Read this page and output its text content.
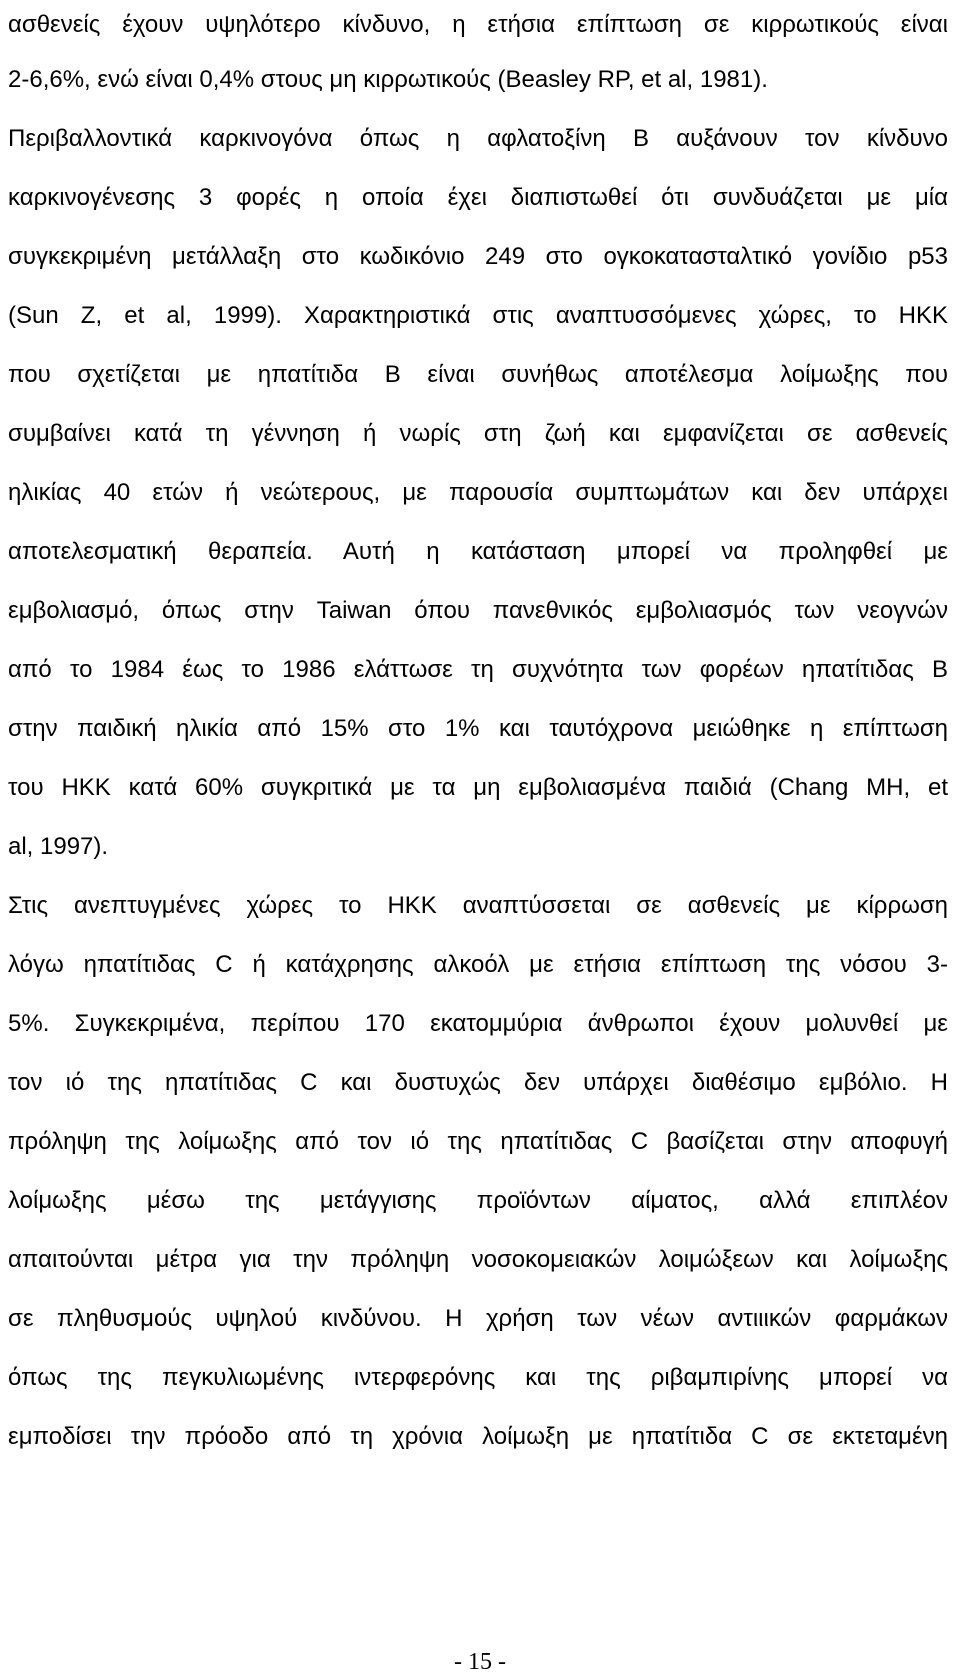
ασθενείς έχουν υψηλότερο κίνδυνο, η ετήσια επίπτωση σε κιρρωτικούς είναι
2-6,6%, ενώ είναι 0,4% στους μη κιρρωτικούς (Beasley RP, et al, 1981).
Περιβαλλοντικά καρκινογόνα όπως η αφλατοξίνη Β αυξάνουν τον κίνδυνο
καρκινογένεσης 3 φορές η οποία έχει διαπιστωθεί ότι συνδυάζεται με μία
συγκεκριμένη μετάλλαξη στο κωδικόνιο 249 στο ογκοκατασταλτικό γονίδιο p53
(Sun Z, et al, 1999). Χαρακτηριστικά στις αναπτυσσόμενες χώρες, το ΗΚΚ
που σχετίζεται με ηπατίτιδα Β είναι συνήθως αποτέλεσμα λοίμωξης που
συμβαίνει κατά τη γέννηση ή νωρίς στη ζωή και εμφανίζεται σε ασθενείς
ηλικίας 40 ετών ή νεώτερους, με παρουσία συμπτωμάτων και δεν υπάρχει
αποτελεσματική θεραπεία. Αυτή η κατάσταση μπορεί να προληφθεί με
εμβολιασμό, όπως στην Taiwan όπου πανεθνικός εμβολιασμός των νεογνών
από το 1984 έως το 1986 ελάττωσε τη συχνότητα των φορέων ηπατίτιδας Β
στην παιδική ηλικία από 15% στο 1% και ταυτόχρονα μειώθηκε η επίπτωση
του ΗΚΚ κατά 60% συγκριτικά με τα μη εμβολιασμένα παιδιά (Chang MH, et
al, 1997).
Στις ανεπτυγμένες χώρες το ΗΚΚ αναπτύσσεται σε ασθενείς με κίρρωση
λόγω ηπατίτιδας C ή κατάχρησης αλκοόλ με ετήσια επίπτωση της νόσου 3-
5%. Συγκεκριμένα, περίπου 170 εκατομμύρια άνθρωποι έχουν μολυνθεί με
τον ιό της ηπατίτιδας C και δυστυχώς δεν υπάρχει διαθέσιμο εμβόλιο. Η
πρόληψη της λοίμωξης από τον ιό της ηπατίτιδας C βασίζεται στην αποφυγή
λοίμωξης μέσω της μετάγγισης προϊόντων αίματος, αλλά επιπλέον
απαιτούνται μέτρα για την πρόληψη νοσοκομειακών λοιμώξεων και λοίμωξης
σε πληθυσμούς υψηλού κινδύνου. Η χρήση των νέων αντιιικών φαρμάκων
όπως της πεγκυλιωμένης ιντερφερόνης και της ριβαμπιρίνης μπορεί να
εμποδίσει την πρόοδο από τη χρόνια λοίμωξη με ηπατίτιδα C σε εκτεταμένη
- 15 -
